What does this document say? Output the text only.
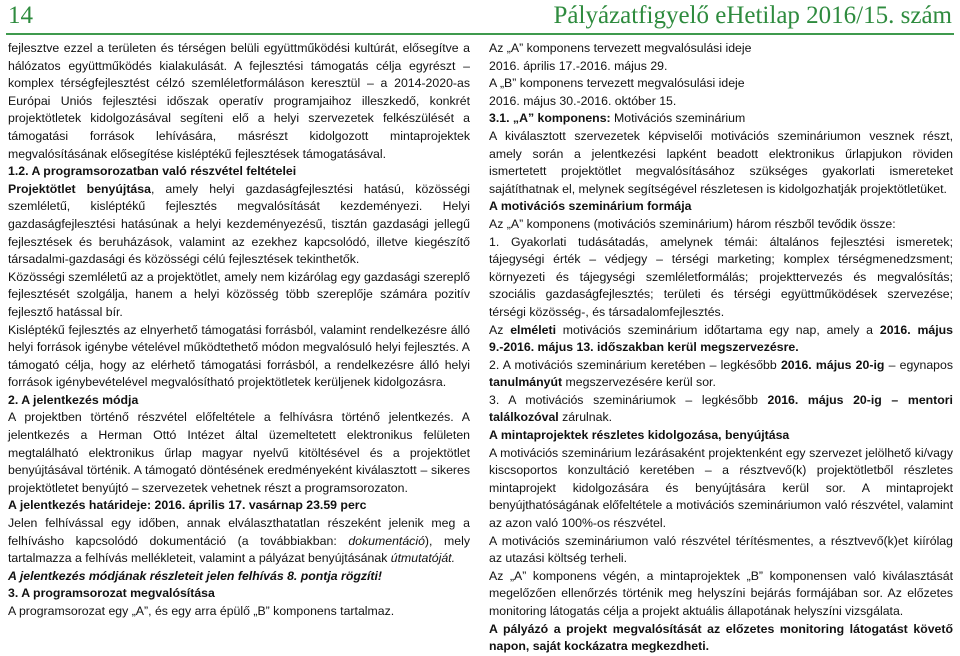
14	Pályázatfigyelő eHetilap 2016/15. szám

fejlesztve ezzel a területen és térségen belüli együttműködési kultúrát, elősegítve a hálózatos együttműködés kialakulását. A fejlesztési támogatás célja egyrészt – komplex térségfejlesztést célzó szemléletformáláson keresztül – a 2014-2020-as Európai Uniós fejlesztési időszak operatív programjaihoz illeszkedő, konkrét projektötletek kidolgozásával segíteni elő a helyi szervezetek felkészülését a támogatási források lehívására, másrészt kidolgozott mintaprojektek megvalósításának elősegítése kisléptékű fejlesztések támogatásával.

1.2. A programsorozatban való részvétel feltételei

Projektötlet benyújtása, amely helyi gazdaságfejlesztési hatású, közösségi szemléletű, kisléptékű fejlesztés megvalósítását kezdeményezi. Helyi gazdaságfejlesztési hatásúnak a helyi kezdeményezésű, tisztán gazdasági jellegű fejlesztések és beruházások, valamint az ezekhez kapcsolódó, illetve kiegészítő társadalmi-gazdasági és közösségi célú fejlesztések tekinthetők.

Közösségi szemléletű az a projektötlet, amely nem kizárólag egy gazdasági szereplő fejlesztését szolgálja, hanem a helyi közösség több szereplője számára pozitív fejlesztő hatással bír.

Kisléptékű fejlesztés az elnyerhető támogatási forrásból, valamint rendelkezésre álló helyi források igénybe vételével működtethető módon megvalósuló helyi fejlesztés. A támogató célja, hogy az elérhető támogatási forrásból, a rendelkezésre álló helyi források igénybevételével megvalósítható projektötletek kerüljenek kidolgozásra.

2. A jelentkezés módja

A projektben történő részvétel előfeltétele a felhívásra történő jelentkezés. A jelentkezés a Herman Ottó Intézet által üzemeltetett elektronikus felületen megtalálható elektronikus űrlap magyar nyelvű kitöltésével és a projektötlet benyújtásával történik. A támogató döntésének eredményeként kiválasztott – sikeres projektötletet benyújtó – szervezetek vehetnek részt a programsorozaton.

A jelentkezés határideje: 2016. április 17. vasárnap 23.59 perc

Jelen felhívással egy időben, annak elválaszthatatlan részeként jelenik meg a felhívásho kapcsolódó dokumentáció (a továbbiakban: dokumentáció), mely tartalmazza a felhívás mellékleteit, valamint a pályázat benyújtásának útmutatóját.

A jelentkezés módjának részleteit jelen felhívás 8. pontja rögzíti!

3. A programsorozat megvalósítása

A programsorozat egy „A”, és egy arra épülő „B” komponens tartalmaz.

Az „A” komponens tervezett megvalósulási ideje

2016. április 17.-2016. május 29.

A „B” komponens tervezett megvalósulási ideje

2016. május 30.-2016. október 15.

3.1. „A” komponens: Motivációs szeminárium

A kiválasztott szervezetek képviselői motivációs szemináriumon vesznek részt, amely során a jelentkezési lapként beadott elektronikus űrlapjukon röviden ismertetett projektötlet megvalósításához szükséges gyakorlati ismereteket sajátíthatnak el, melynek segítségével részletesen is kidolgozhatják projektötletüket.

A motivációs szeminárium formája

Az „A” komponens (motivációs szeminárium) három részből tevődik össze:

1. Gyakorlati tudásátadás, amelynek témái: általános fejlesztési ismeretek; tájegységi érték – védjegy – térségi marketing; komplex térségmenedzsment; környezeti és tájegységi szemléletformálás; projekttervezés és megvalósítás; szociális gazdaságfejlesztés; területi és térségi együttműködések szervezése; térségi közösség-, és társadalomfejlesztés.

Az elméleti motivációs szeminárium időtartama egy nap, amely a 2016. május 9.-2016. május 13. időszakban kerül megszervezésre.

2. A motivációs szeminárium keretében – legkésőbb 2016. május 20-ig – egynapos tanulmányút megszervezésére kerül sor.

3. A motivációs szemináriumok – legkésőbb 2016. május 20-ig – mentori találkozóval zárulnak.

A mintaprojektek részletes kidolgozása, benyújtása

A motivációs szeminárium lezárásaként projektenként egy szervezet jelölhető ki/vagy kiscsoportos konzultáció keretében – a résztvevő(k) projektötletből részletes mintaprojekt kidolgozására és benyújtására kerül sor. A mintaprojekt benyújthatóságának előfeltétele a motivációs szemináriumon való részvétel, valamint az azon való 100%-os részvétel.

A motivációs szemináriumon való részvétel térítésmentes, a résztvevő(k)et kiírólag az utazási költség terheli.

Az „A” komponens végén, a mintaprojektek „B” komponensen való kiválasztását megelőzően ellenőrzés történik meg helyszíni bejárás formájában sor. Az előzetes monitoring látogatás célja a projekt aktuális állapotának helyszíni vizsgálata.

A pályázó a projekt megvalósítását az előzetes monitoring látogatást követő napon, saját kockázatra megkezdheti.
